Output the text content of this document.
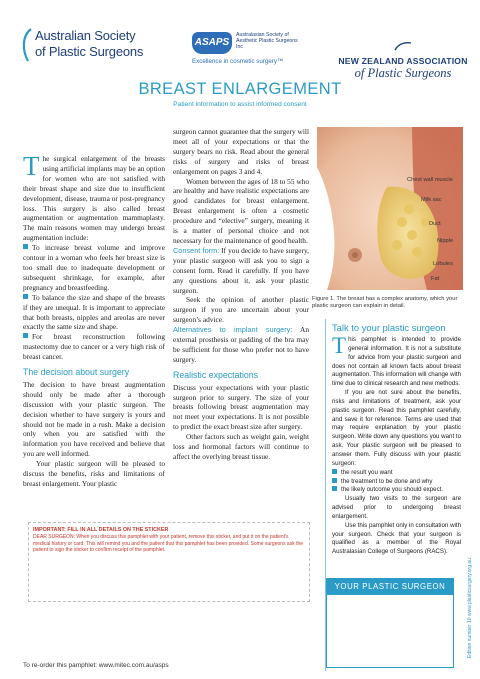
Australian Society
of Plastic Surgeons
ASAPS
Australasian Society of Aesthetic Plastic Surgeons Inc
Excellence in cosmetic surgery™	NEW ZEALAND ASSOCIATION
of Plastic Surgeons
BREAST ENLARGEMENT
Patient information to assist informed consent

The surgical enlargement of the breasts using artificial implants may be an option for women who are not satisfied with their breast shape and size due to insufficient development, disease, trauma or post-pregnancy loss. This surgery is also called breast augmentation or augmentation mammaplasty. The main reasons women may undergo breast augmentation include:

To increase breast volume and improve contour in a woman who feels her breast size is too small due to inadequate development or subsequent shrinkage, for example, after pregnancy and breastfeeding.

To balance the size and shape of the breasts if they are unequal. It is important to appreciate that both breasts, nipples and areolas are never exactly the same size and shape.

For breast reconstruction following mastectomy due to cancer or a very high risk of breast cancer.

The decision about surgery

The decision to have breast augmentation should only be made after a thorough discussion with your plastic surgeon. The decision whether to have surgery is yours and should not be made in a rush. Make a decision only when you are satisfied with the information you have received and believe that you are well informed.

Your plastic surgeon will be pleased to discuss the benefits, risks and limitations of breast enlargement. Your plastic

surgeon cannot guarantee that the surgery will meet all of your expectations or that the surgery bears no risk. Read about the general risks of surgery and risks of breast enlargement on pages 3 and 4.

Women between the ages of 18 to 55 who are healthy and have realistic expectations are good candidates for breast enlargement. Breast enlargement is often a cosmetic procedure and “elective” surgery, meaning it is a matter of personal choice and not necessary for the maintenance of good health.

Consent form: If you decide to have surgery, your plastic surgeon will ask you to sign a consent form. Read it carefully. If you have any questions about it, ask your plastic surgeon.

Seek the opinion of another plastic surgeon if you are uncertain about your surgeon’s advice.

Alternatives to implant surgery: An external prosthesis or padding of the bra may be sufficient for those who prefer not to have surgery.

Realistic expectations

Discuss your expectations with your plastic surgeon prior to surgery. The size of your breasts following breast augmentation may not meet your expectations. It is not possible to predict the exact breast size after surgery.

Other factors such as weight gain, weight loss and hormonal factors will continue to affect the overlying breast tissue.

Chest wall muscle
Milk sac
Duct
Nipple
Lobules
Fat
Figure 1. The breast has a complex anatomy, which your plastic surgeon can explain in detail.
Talk to your plastic surgeon

This pamphlet is intended to provide general information. It is not a substitute for advice from your plastic surgeon and does not contain all known facts about breast augmentation. This information will change with time due to clinical research and new methods.

If you are not sure about the benefits, risks and limitations of treatment, ask your plastic surgeon. Read this pamphlet carefully, and save it for reference. Terms are used that may require explanation by your plastic surgeon. Write down any questions you want to ask. Your plastic surgeon will be pleased to answer them. Fully discuss with your plastic surgeon:

the result you want
the treatment to be done and why
the likely outcome you should expect.

Usually two visits to the surgeon are advised prior to undergoing breast enlargement.

Use this pamphlet only in consultation with your surgeon. Check that your surgeon is qualified as a member of the Royal Australasian College of Surgeons (RACS).

YOUR PLASTIC SURGEON	Edition number 10 www.plasticsurgery.org.au
IMPORTANT: FILL IN ALL DETAILS ON THE STICKER
DEAR SURGEON: When you discuss this pamphlet with your patient, remove this sticker, and put it on the patient's medical history or card. This will remind you and the patient that this pamphlet has been provided. Some surgeons ask the patient to sign the sticker to confirm receipt of the pamphlet.
To re-order this pamphlet: www.mitec.com.au/asps
